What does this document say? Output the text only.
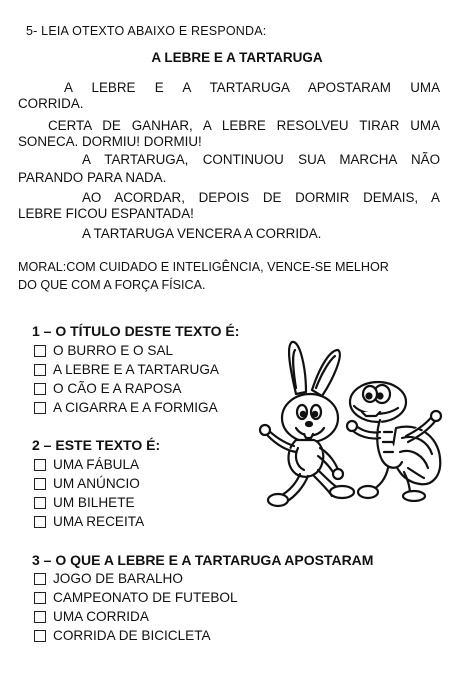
5- LEIA OTEXTO ABAIXO E RESPONDA:
A LEBRE E A TARTARUGA
A LEBRE E A TARTARUGA APOSTARAM UMA
CORRIDA.
CERTA DE GANHAR, A LEBRE RESOLVEU TIRAR UMA
SONECA. DORMIU! DORMIU!
A TARTARUGA, CONTINUOU SUA MARCHA NÃO
PARANDO PARA NADA.
AO ACORDAR, DEPOIS DE DORMIR DEMAIS, A
LEBRE FICOU ESPANTADA!
A TARTARUGA VENCERA A CORRIDA.
MORAL:COM CUIDADO E INTELIGÊNCIA, VENCE-SE MELHOR
DO QUE COM A FORÇA FÍSICA.
1 – O TÍTULO DESTE TEXTO É:
O BURRO E O SAL
A LEBRE E A TARTARUGA
O CÃO E A RAPOSA
A CIGARRA E A FORMIGA
2 – ESTE TEXTO É:
UMA FÁBULA
UM ANÚNCIO
UM BILHETE
UMA RECEITA
3 – O QUE A LEBRE E A TARTARUGA APOSTARAM
JOGO DE BARALHO
CAMPEONATO DE FUTEBOL
UMA CORRIDA
CORRIDA DE BICICLETA
